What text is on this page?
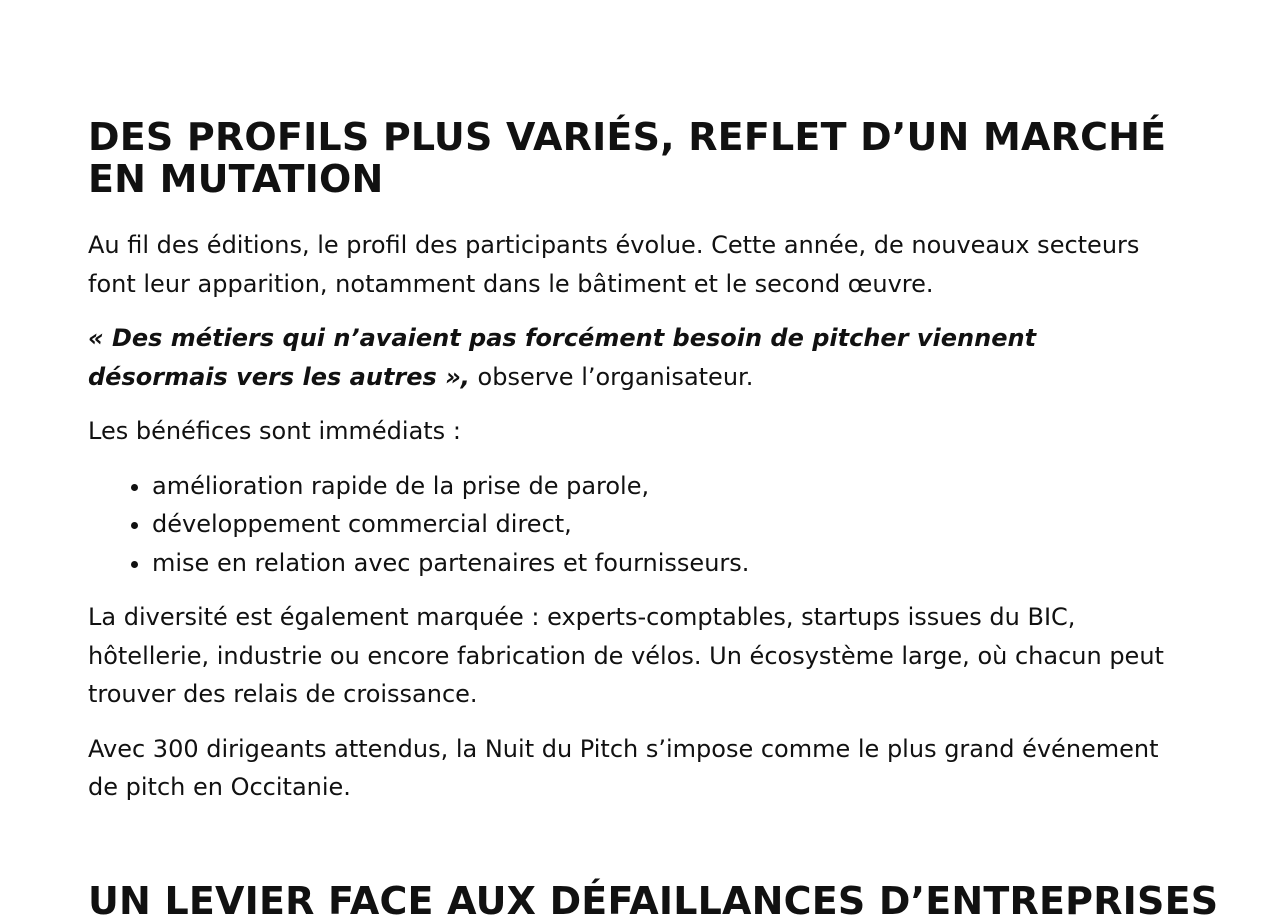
DES PROFILS PLUS VARIÉS, REFLET D’UN MARCHÉ EN MUTATION

Au fil des éditions, le profil des participants évolue. Cette année, de nouveaux secteurs font leur apparition, notamment dans le bâtiment et le second œuvre.

« Des métiers qui n’avaient pas forcément besoin de pitcher viennent désormais vers les autres », observe l’organisateur.

Les bénéfices sont immédiats :

• amélioration rapide de la prise de parole,
• développement commercial direct,
• mise en relation avec partenaires et fournisseurs.

La diversité est également marquée : experts-comptables, startups issues du BIC, hôtellerie, industrie ou encore fabrication de vélos. Un écosystème large, où chacun peut trouver des relais de croissance.

Avec 300 dirigeants attendus, la Nuit du Pitch s’impose comme le plus grand événement de pitch en Occitanie.

UN LEVIER FACE AUX DÉFAILLANCES D’ENTREPRISES
